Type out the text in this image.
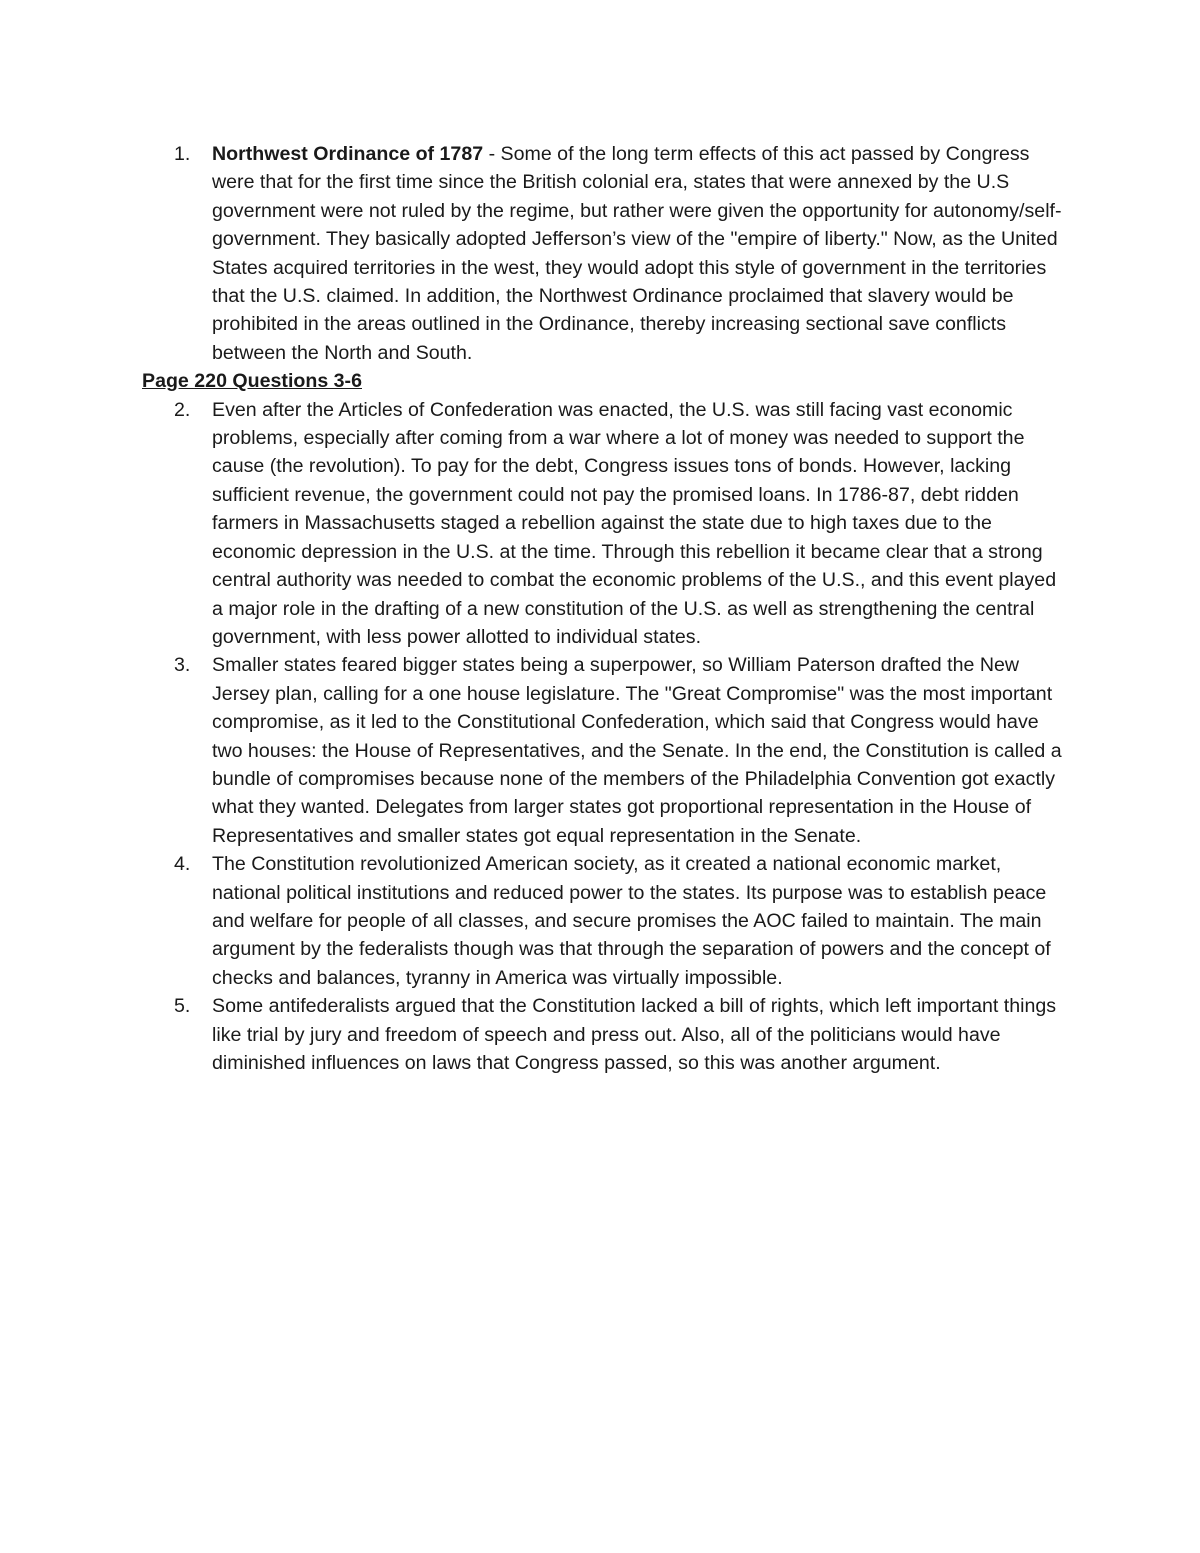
1.	Northwest Ordinance of 1787 - Some of the long term effects of this act passed by Congress were that for the first time since the British colonial era, states that were annexed by the U.S government were not ruled by the regime, but rather were given the opportunity for autonomy/self-government. They basically adopted Jefferson’s view of the "empire of liberty." Now, as the United States acquired territories in the west, they would adopt this style of government in the territories that the U.S. claimed. In addition, the Northwest Ordinance proclaimed that slavery would be prohibited in the areas outlined in the Ordinance, thereby increasing sectional save conflicts between the North and South.
Page 220 Questions 3-6
2.	Even after the Articles of Confederation was enacted, the U.S. was still facing vast economic problems, especially after coming from a war where a lot of money was needed to support the cause (the revolution). To pay for the debt, Congress issues tons of bonds. However, lacking sufficient revenue, the government could not pay the promised loans. In 1786-87, debt ridden farmers in Massachusetts staged a rebellion against the state due to high taxes due to the economic depression in the U.S. at the time. Through this rebellion it became clear that a strong central authority was needed to combat the economic problems of the U.S., and this event played a major role in the drafting of a new constitution of the U.S. as well as strengthening the central government, with less power allotted to individual states.
3.	Smaller states feared bigger states being a superpower, so William Paterson drafted the New Jersey plan, calling for a one house legislature. The "Great Compromise" was the most important compromise, as it led to the Constitutional Confederation, which said that Congress would have two houses: the House of Representatives, and the Senate. In the end, the Constitution is called a bundle of compromises because none of the members of the Philadelphia Convention got exactly what they wanted. Delegates from larger states got proportional representation in the House of Representatives and smaller states got equal representation in the Senate.
4.	The Constitution revolutionized American society, as it created a national economic market, national political institutions and reduced power to the states. Its purpose was to establish peace and welfare for people of all classes, and secure promises the AOC failed to maintain. The main argument by the federalists though was that through the separation of powers and the concept of checks and balances, tyranny in America was virtually impossible.
5.	Some antifederalists argued that the Constitution lacked a bill of rights, which left important things like trial by jury and freedom of speech and press out. Also, all of the politicians would have diminished influences on laws that Congress passed, so this was another argument.
